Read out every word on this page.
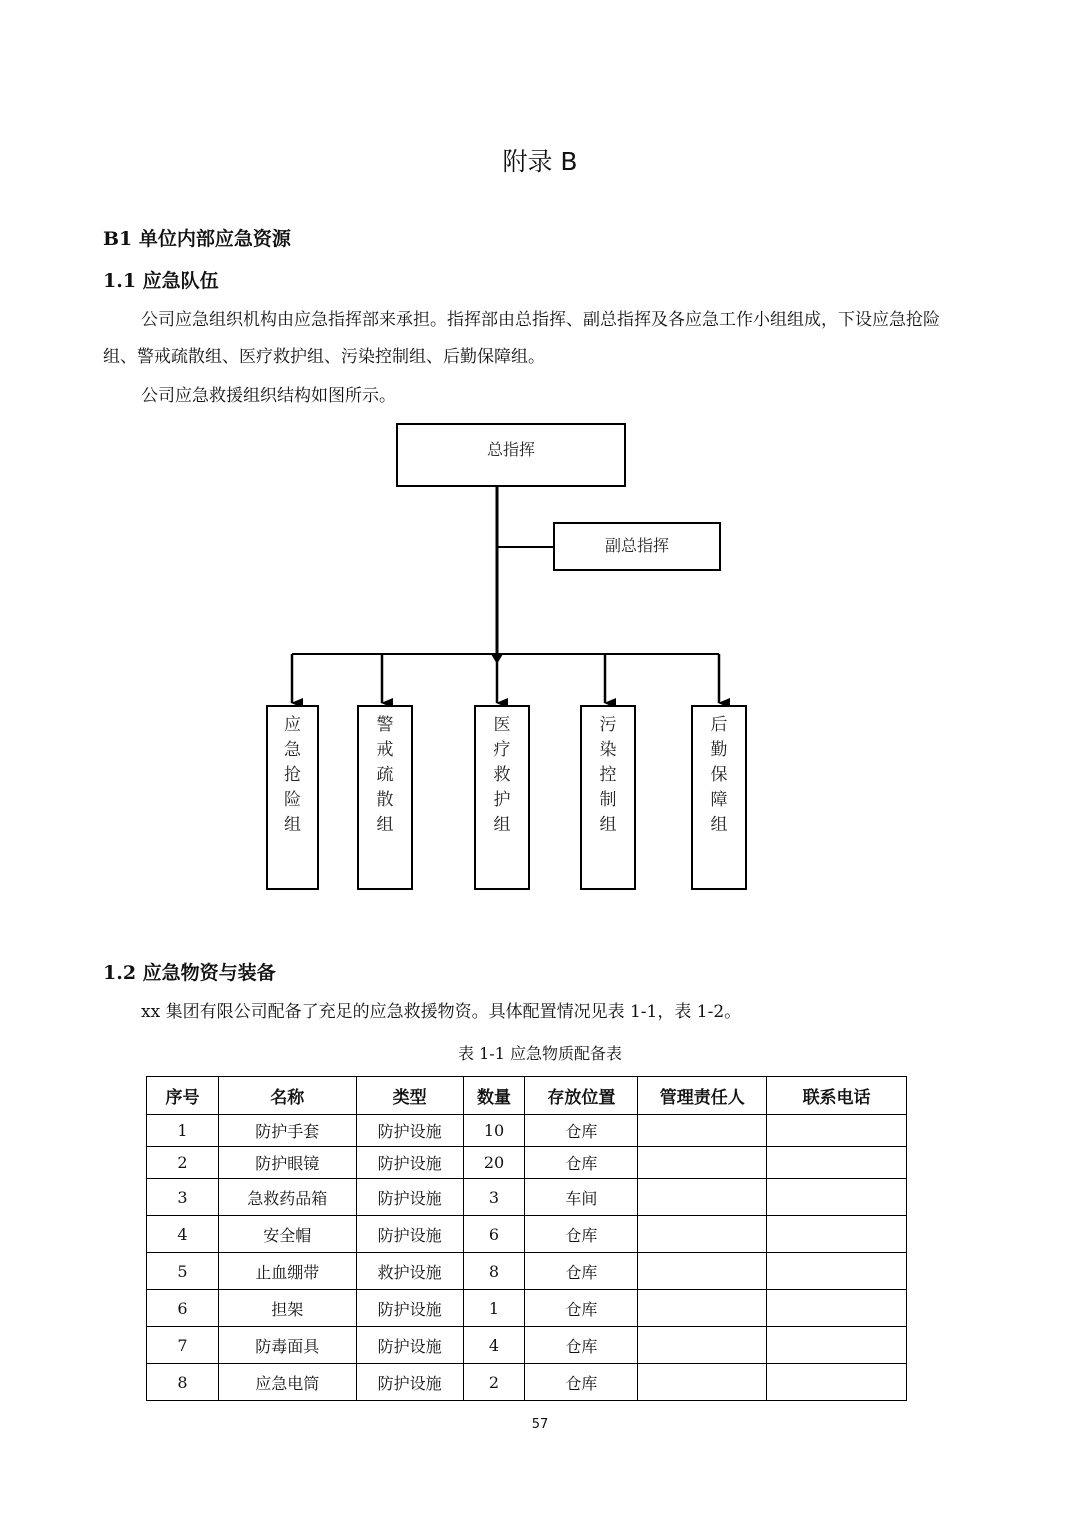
附录 B
B1 单位内部应急资源
1.1 应急队伍
公司应急组织机构由应急指挥部来承担。指挥部由总指挥、副总指挥及各应急工作小组组成，下设应急抢险组、警戒疏散组、医疗救护组、污染控制组、后勤保障组。
公司应急救援组织结构如图所示。
总指挥
副总指挥
应
急
抢
险
组
警
戒
疏
散
组
医
疗
救
护
组
污
染
控
制
组
后
勤
保
障
组
1.2 应急物资与装备
xx 集团有限公司配备了充足的应急救援物资。具体配置情况见表 1-1，表 1-2。
表 1-1 应急物质配备表
序号	名称	类型	数量	存放位置	管理责任人	联系电话
1	防护手套	防护设施	10	仓库		
2	防护眼镜	防护设施	20	仓库		
3	急救药品箱	防护设施	3	车间		
4	安全帽	防护设施	6	仓库		
5	止血绷带	救护设施	8	仓库		
6	担架	防护设施	1	仓库		
7	防毒面具	防护设施	4	仓库		
8	应急电筒	防护设施	2	仓库		
57
